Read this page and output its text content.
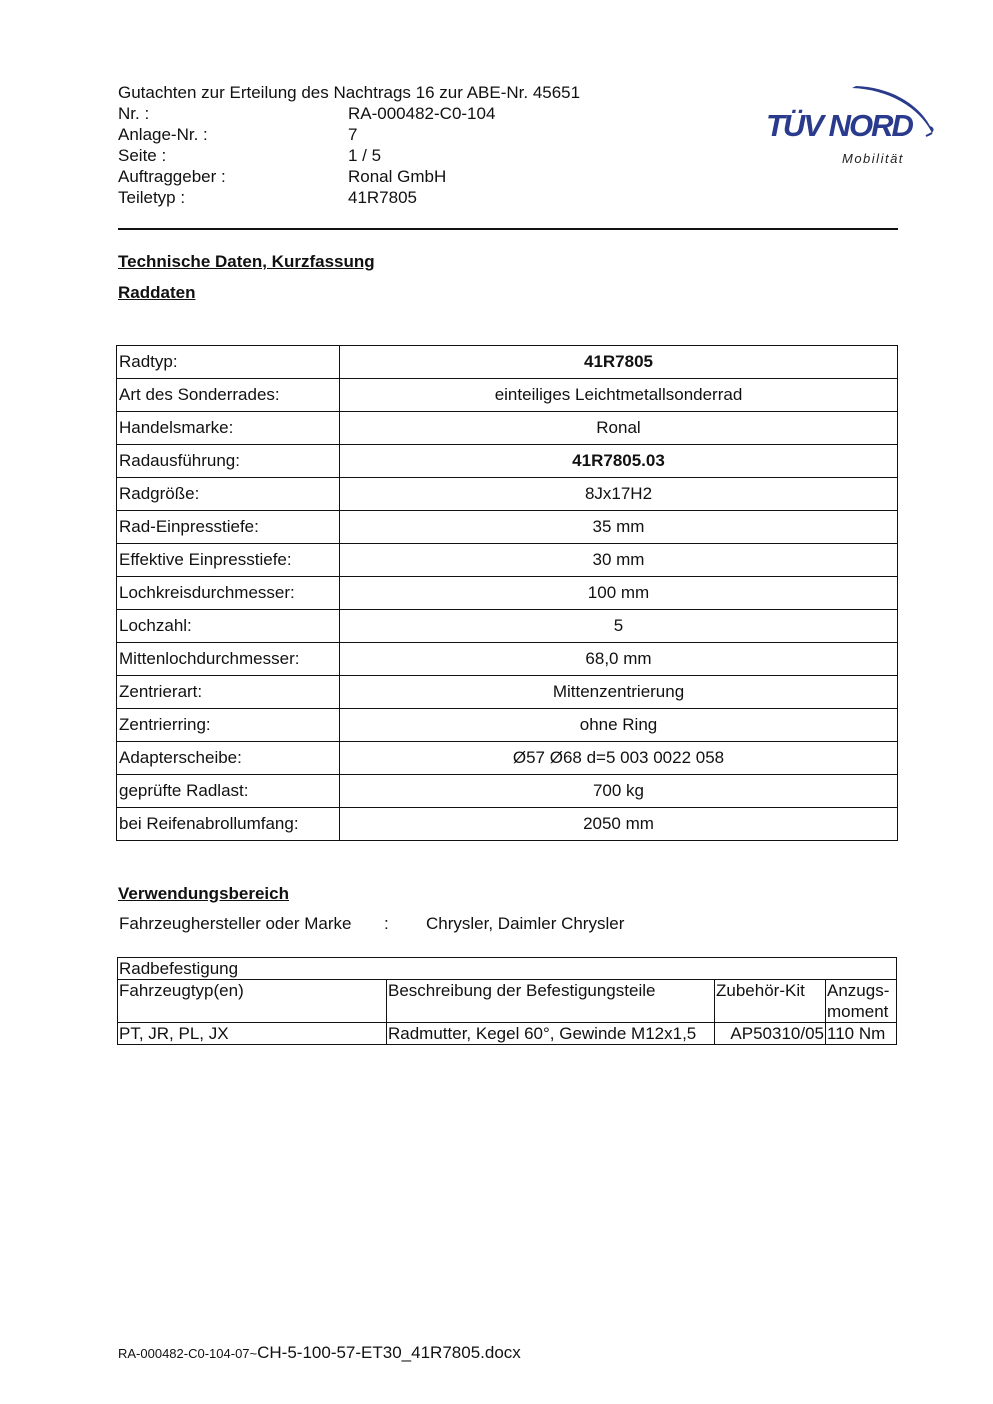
Gutachten zur Erteilung des Nachtrags 16 zur ABE-Nr. 45651
Nr. :	RA-000482-C0-104
Anlage-Nr. :	7
Seite :	1 / 5
Auftraggeber :	Ronal GmbH
Teiletyp :	41R7805
TÜV NORD
Mobilität
Technische Daten, Kurzfassung
Raddaten
Radtyp:	41R7805
Art des Sonderrades:	einteiliges Leichtmetallsonderrad
Handelsmarke:	Ronal
Radausführung:	41R7805.03
Radgröße:	8Jx17H2
Rad-Einpresstiefe:	35 mm
Effektive Einpresstiefe:	30 mm
Lochkreisdurchmesser:	100 mm
Lochzahl:	5
Mittenlochdurchmesser:	68,0 mm
Zentrierart:	Mittenzentrierung
Zentrierring:	ohne Ring
Adapterscheibe:	Ø57 Ø68 d=5 003 0022 058
geprüfte Radlast:	700 kg
bei Reifenabrollumfang:	2050 mm
Verwendungsbereich
Fahrzeughersteller oder Marke	:	Chrysler, Daimler Chrysler
Radbefestigung			
Fahrzeugtyp(en)	Beschreibung der Befestigungsteile	Zubehör-Kit	Anzugs-
moment
PT, JR, PL, JX	Radmutter, Kegel 60°, Gewinde M12x1,5	AP50310/05	110 Nm
RA-000482-C0-104-07~CH-5-100-57-ET30_41R7805.docx
